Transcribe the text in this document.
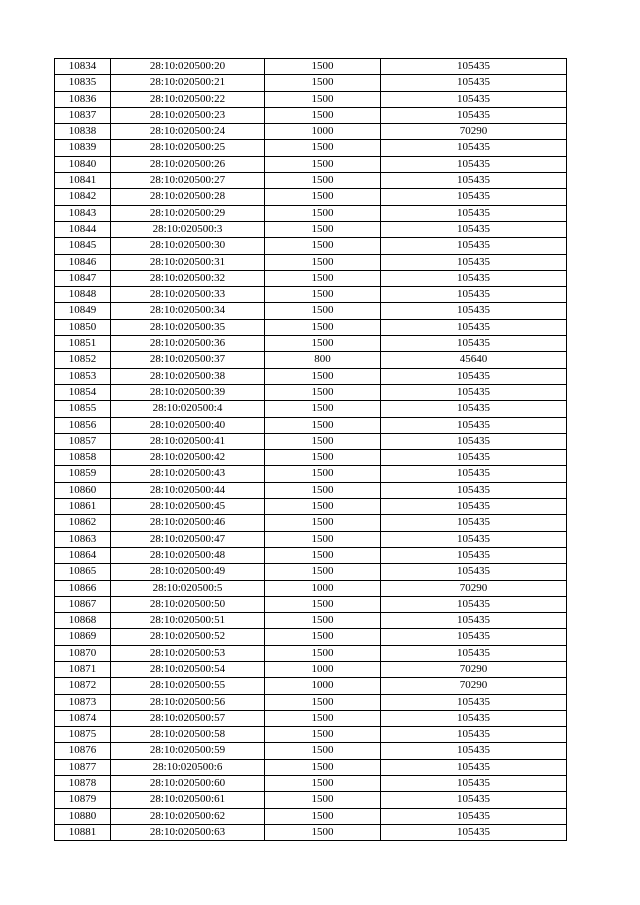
10834	28:10:020500:20	1500	105435
10835	28:10:020500:21	1500	105435
10836	28:10:020500:22	1500	105435
10837	28:10:020500:23	1500	105435
10838	28:10:020500:24	1000	70290
10839	28:10:020500:25	1500	105435
10840	28:10:020500:26	1500	105435
10841	28:10:020500:27	1500	105435
10842	28:10:020500:28	1500	105435
10843	28:10:020500:29	1500	105435
10844	28:10:020500:3	1500	105435
10845	28:10:020500:30	1500	105435
10846	28:10:020500:31	1500	105435
10847	28:10:020500:32	1500	105435
10848	28:10:020500:33	1500	105435
10849	28:10:020500:34	1500	105435
10850	28:10:020500:35	1500	105435
10851	28:10:020500:36	1500	105435
10852	28:10:020500:37	800	45640
10853	28:10:020500:38	1500	105435
10854	28:10:020500:39	1500	105435
10855	28:10:020500:4	1500	105435
10856	28:10:020500:40	1500	105435
10857	28:10:020500:41	1500	105435
10858	28:10:020500:42	1500	105435
10859	28:10:020500:43	1500	105435
10860	28:10:020500:44	1500	105435
10861	28:10:020500:45	1500	105435
10862	28:10:020500:46	1500	105435
10863	28:10:020500:47	1500	105435
10864	28:10:020500:48	1500	105435
10865	28:10:020500:49	1500	105435
10866	28:10:020500:5	1000	70290
10867	28:10:020500:50	1500	105435
10868	28:10:020500:51	1500	105435
10869	28:10:020500:52	1500	105435
10870	28:10:020500:53	1500	105435
10871	28:10:020500:54	1000	70290
10872	28:10:020500:55	1000	70290
10873	28:10:020500:56	1500	105435
10874	28:10:020500:57	1500	105435
10875	28:10:020500:58	1500	105435
10876	28:10:020500:59	1500	105435
10877	28:10:020500:6	1500	105435
10878	28:10:020500:60	1500	105435
10879	28:10:020500:61	1500	105435
10880	28:10:020500:62	1500	105435
10881	28:10:020500:63	1500	105435
